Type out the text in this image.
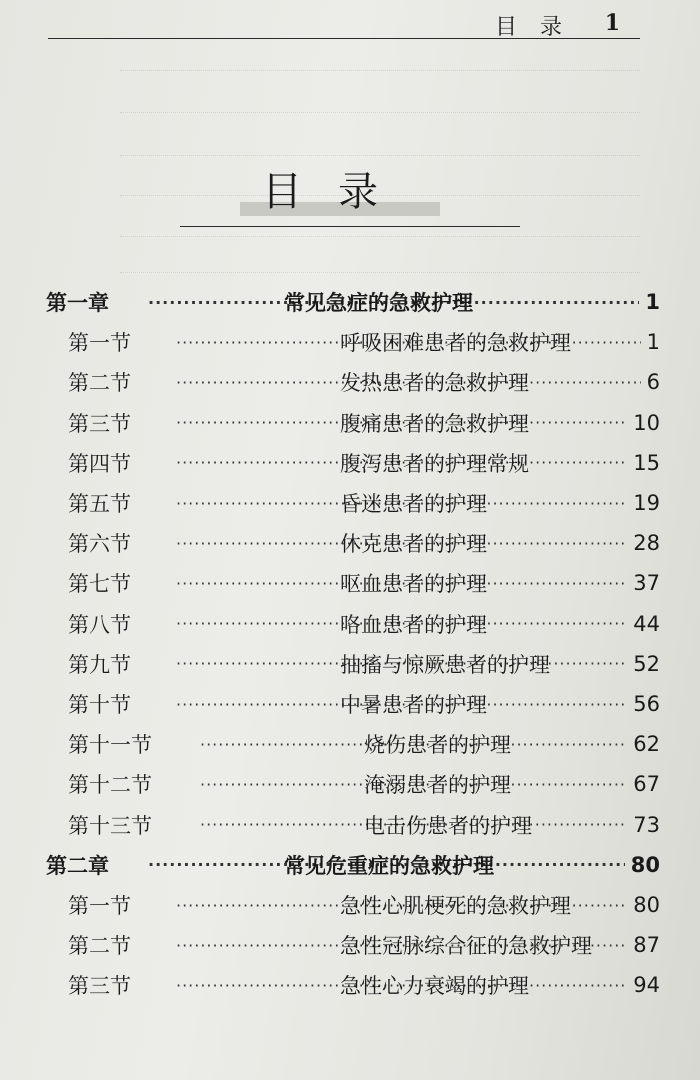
目 录 1
目录
第一章	常见急症的急救护理 ·····	1
第一节	呼吸困难患者的急救护理 ·····	1
第二节	发热患者的急救护理 ·····	6
第三节	腹痛患者的急救护理 ·····	10
第四节	腹泻患者的护理常规 ·····	15
第五节	昏迷患者的护理 ·····	19
第六节	休克患者的护理 ·····	28
第七节	呕血患者的护理 ·····	37
第八节	咯血患者的护理 ·····	44
第九节	抽搐与惊厥患者的护理 ·····	52
第十节	中暑患者的护理 ·····	56
第十一节	烧伤患者的护理 ·····	62
第十二节	淹溺患者的护理 ·····	67
第十三节	电击伤患者的护理 ·····	73
第二章	常见危重症的急救护理 ·····	80
第一节	急性心肌梗死的急救护理 ·····	80
第二节	急性冠脉综合征的急救护理 ····· 87
第三节	急性心力衰竭的护理 ·····	94
